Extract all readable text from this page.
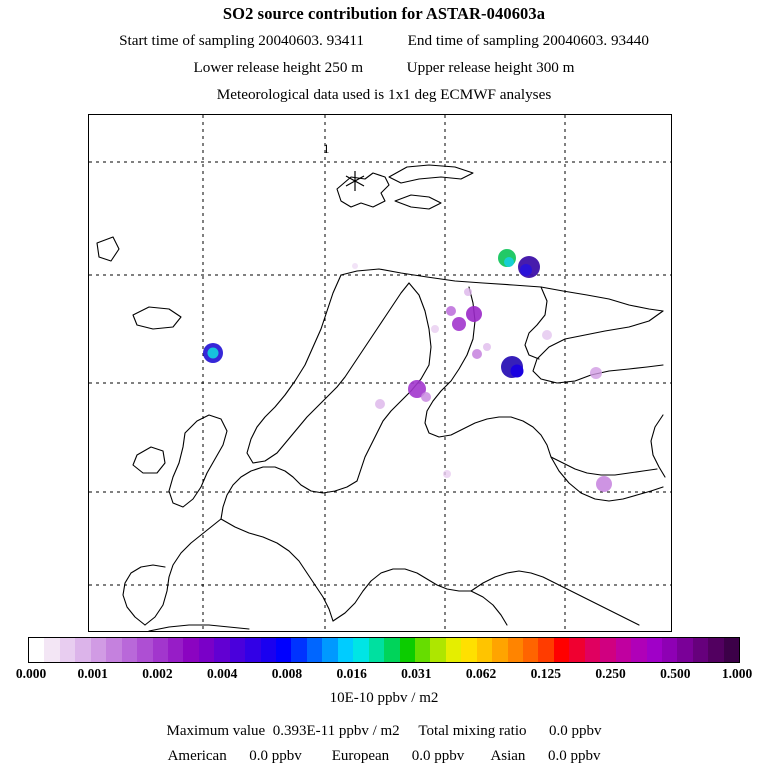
SO2 source contribution for ASTAR-040603a
Start time of sampling 20040603. 93411	End time of sampling 20040603. 93440
Lower release height 250 m	Upper release height 300 m
Meteorological data used is 1x1 deg ECMWF analyses
1
0.000 0.001	0.002	0.004	0.008	0.016	0.031	0.062	0.125	0.250	0.500 1.000
10E-10 ppbv / m2
Maximum value  0.393E-11 ppbv / m2
Total mixing ratio
0.0 ppbv
American
0.0 ppbv
European
0.0 ppbv
Asian
0.0 ppbv
